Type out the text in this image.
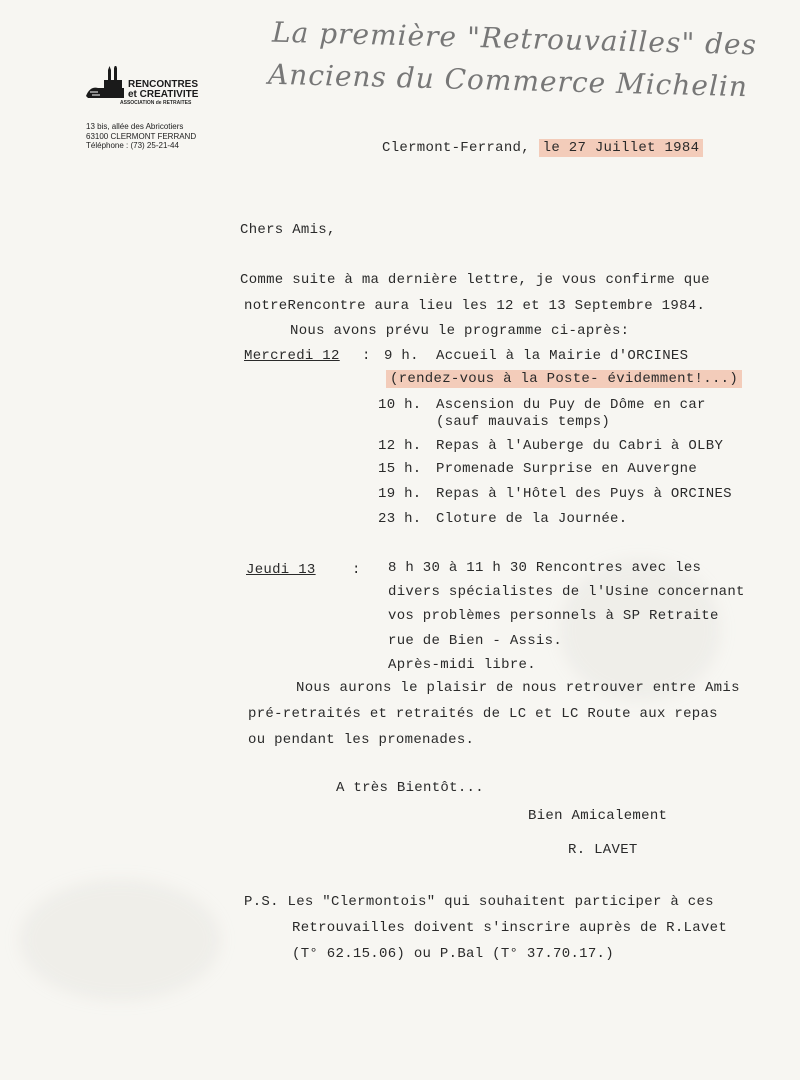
La première "Retrouvailles" des
Anciens du Commerce Michelin
RENCONTRES
et CREATIVITE
ASSOCIATION de RETRAITES
13 bis, allée des Abricotiers
63100 CLERMONT FERRAND
Téléphone : (73) 25-21-44	Clermont-Ferrand, le 27 Juillet 1984
Chers Amis,
Comme suite à ma dernière lettre, je vous confirme que
notreRencontre aura lieu les 12 et 13 Septembre 1984.
Nous avons prévu le programme ci-après:
Mercredi 12 : 9 h. Accueil à la Mairie d'ORCINES
(rendez-vous à la Poste- évidemment!...)
10 h. Ascension du Puy de Dôme en car
(sauf mauvais temps)
12 h. Repas à l'Auberge du Cabri à OLBY
15 h. Promenade Surprise en Auvergne
19 h. Repas à l'Hôtel des Puys à ORCINES
23 h. Cloture de la Journée.
Jeudi 13	: 8 h 30 à 11 h 30 Rencontres avec les
divers spécialistes de l'Usine concernant
vos problèmes personnels à SP Retraite
rue de Bien - Assis.
Après-midi libre.
Nous aurons le plaisir de nous retrouver entre Amis
pré-retraités et retraités de LC et LC Route aux repas
ou pendant les promenades.
A très Bientôt...
Bien Amicalement
R. LAVET
P.S. Les "Clermontois" qui souhaitent participer à ces
Retrouvailles doivent s'inscrire auprès de R.Lavet
(T° 62.15.06) ou P.Bal (T° 37.70.17.)
